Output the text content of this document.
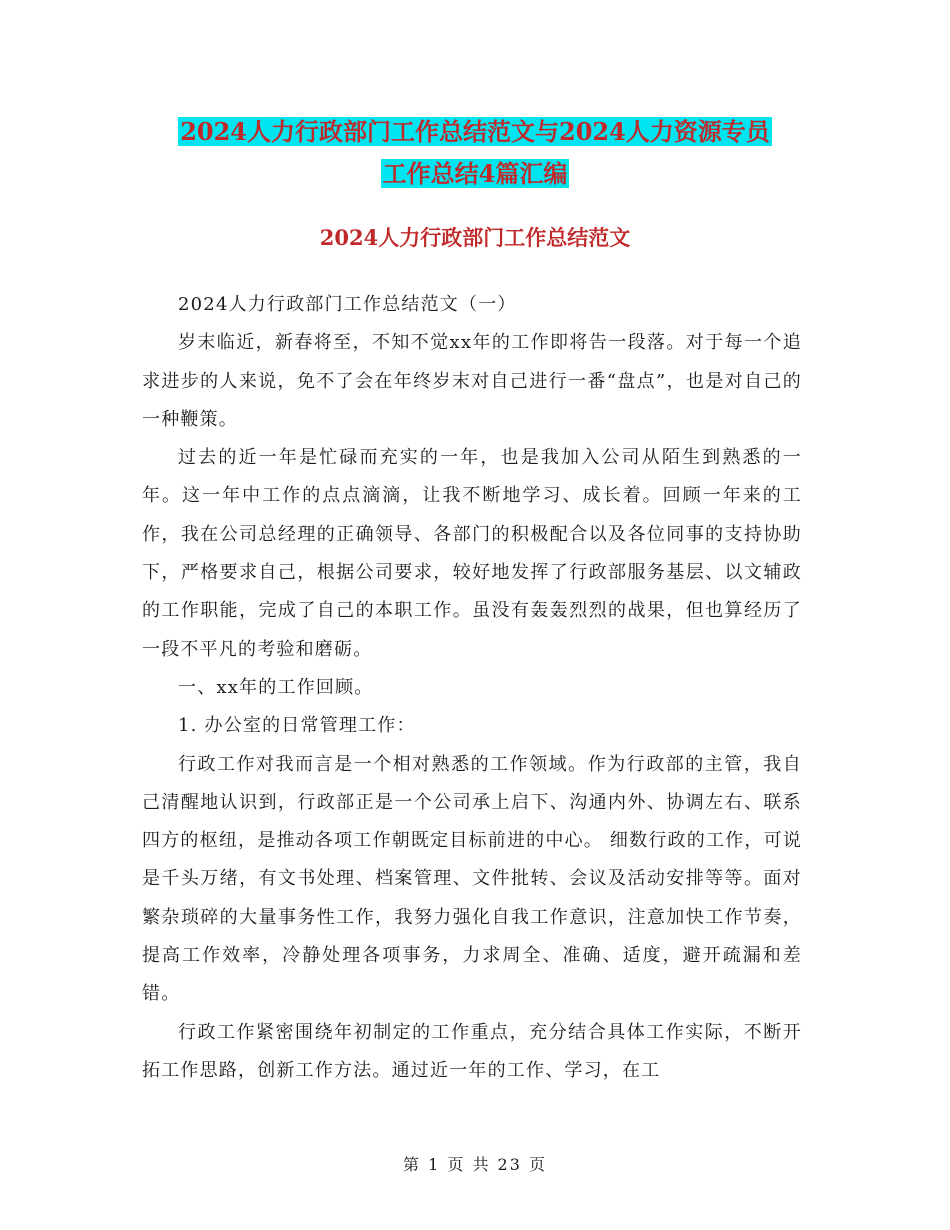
2024人力行政部门工作总结范文与2024人力资源专员
工作总结4篇汇编
2024人力行政部门工作总结范文

2024人力行政部门工作总结范文（一）

岁末临近，新春将至，不知不觉xx年的工作即将告一段落。对于每一个追求进步的人来说，免不了会在年终岁末对自己进行一番“盘点”，也是对自己的一种鞭策。

过去的近一年是忙碌而充实的一年，也是我加入公司从陌生到熟悉的一年。这一年中工作的点点滴滴，让我不断地学习、成长着。回顾一年来的工作，我在公司总经理的正确领导、各部门的积极配合以及各位同事的支持协助下，严格要求自己，根据公司要求，较好地发挥了行政部服务基层、以文辅政的工作职能，完成了自己的本职工作。虽没有轰轰烈烈的战果，但也算经历了一段不平凡的考验和磨砺。

一、xx年的工作回顾。

1. 办公室的日常管理工作：

行政工作对我而言是一个相对熟悉的工作领域。作为行政部的主管，我自己清醒地认识到，行政部正是一个公司承上启下、沟通内外、协调左右、联系四方的枢纽，是推动各项工作朝既定目标前进的中心。 细数行政的工作，可说是千头万绪，有文书处理、档案管理、文件批转、会议及活动安排等等。面对繁杂琐碎的大量事务性工作，我努力强化自我工作意识，注意加快工作节奏，提高工作效率，冷静处理各项事务，力求周全、准确、适度，避开疏漏和差错。

行政工作紧密围绕年初制定的工作重点，充分结合具体工作实际，不断开拓工作思路，创新工作方法。通过近一年的工作、学习，在工

第 1 页 共 23 页
